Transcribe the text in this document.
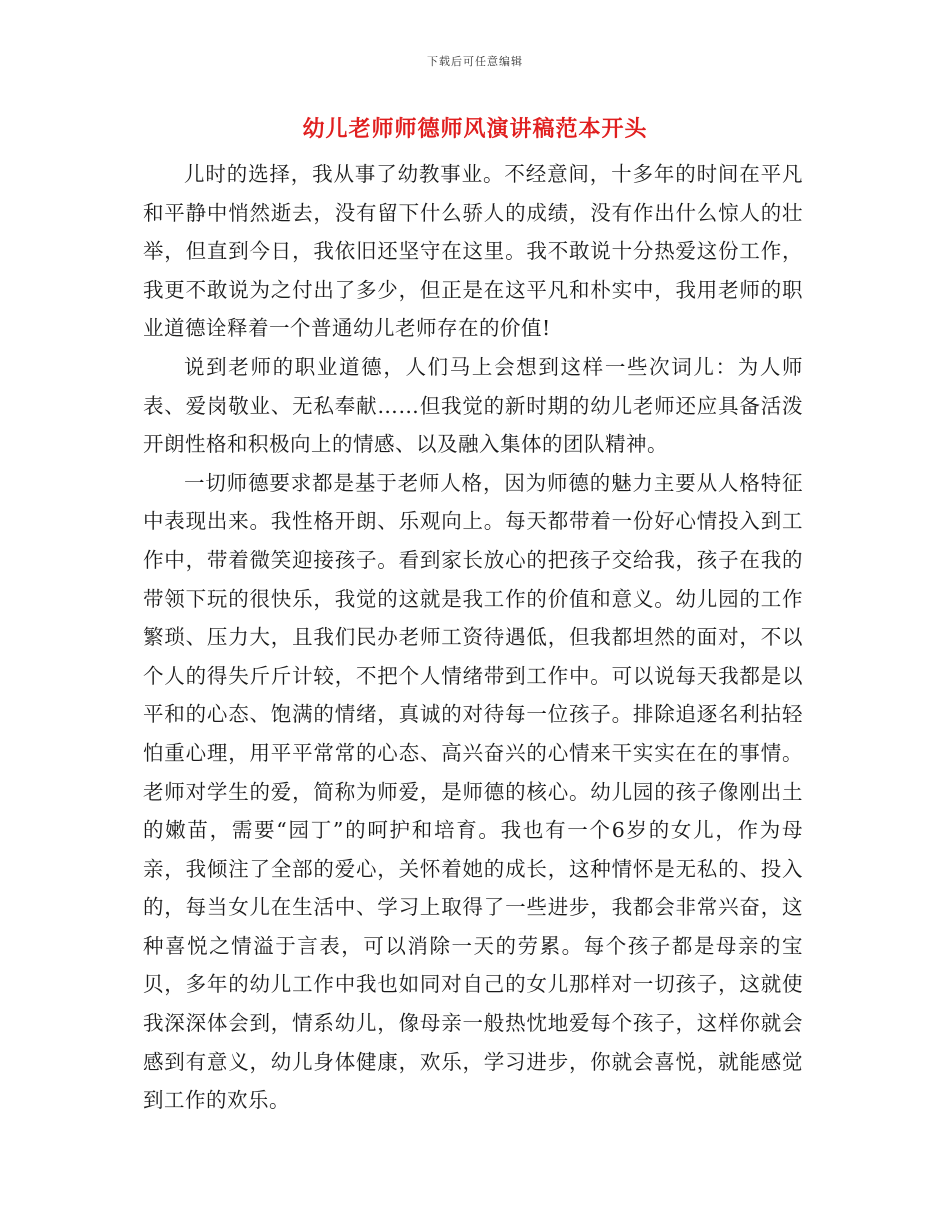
下载后可任意编辑
幼儿老师师德师风演讲稿范本开头

儿时的选择，我从事了幼教事业。不经意间，十多年的时间在平凡和平静中悄然逝去，没有留下什么骄人的成绩，没有作出什么惊人的壮举，但直到今日，我依旧还坚守在这里。我不敢说十分热爱这份工作，我更不敢说为之付出了多少，但正是在这平凡和朴实中，我用老师的职业道德诠释着一个普通幼儿老师存在的价值!

说到老师的职业道德，人们马上会想到这样一些次词儿：为人师表、爱岗敬业、无私奉献……但我觉的新时期的幼儿老师还应具备活泼开朗性格和积极向上的情感、以及融入集体的团队精神。

一切师德要求都是基于老师人格，因为师德的魅力主要从人格特征中表现出来。我性格开朗、乐观向上。每天都带着一份好心情投入到工作中，带着微笑迎接孩子。看到家长放心的把孩子交给我，孩子在我的带领下玩的很快乐，我觉的这就是我工作的价值和意义。幼儿园的工作繁琐、压力大，且我们民办老师工资待遇低，但我都坦然的面对，不以个人的得失斤斤计较，不把个人情绪带到工作中。可以说每天我都是以平和的心态、饱满的情绪，真诚的对待每一位孩子。排除追逐名利拈轻怕重心理，用平平常常的心态、高兴奋兴的心情来干实实在在的事情。 老师对学生的爱，简称为师爱，是师德的核心。幼儿园的孩子像刚出土的嫩苗，需要“园丁”的呵护和培育。我也有一个6岁的女儿，作为母亲，我倾注了全部的爱心，关怀着她的成长，这种情怀是无私的、投入的，每当女儿在生活中、学习上取得了一些进步，我都会非常兴奋，这种喜悦之情溢于言表，可以消除一天的劳累。每个孩子都是母亲的宝贝，多年的幼儿工作中我也如同对自己的女儿那样对一切孩子，这就使我深深体会到，情系幼儿，像母亲一般热忱地爱每个孩子，这样你就会感到有意义，幼儿身体健康，欢乐，学习进步，你就会喜悦，就能感觉到工作的欢乐。
